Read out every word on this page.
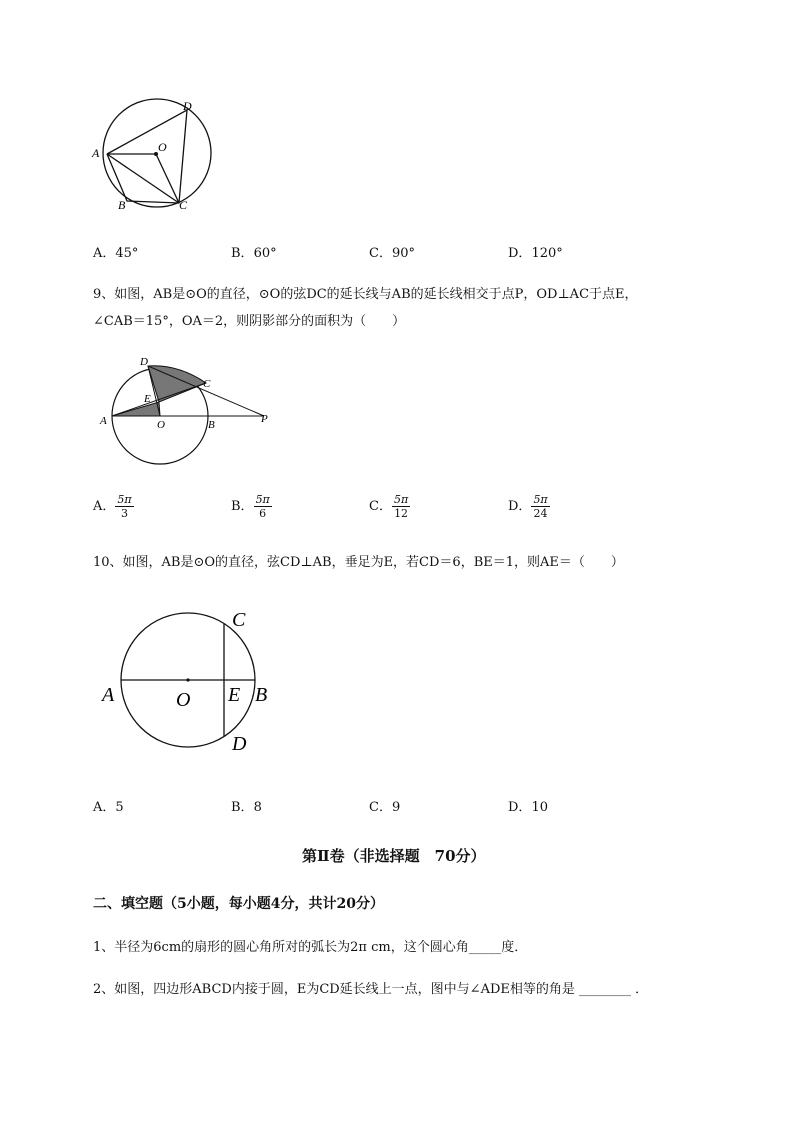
D
A	O
B	C
A．45°	B．60°	C．90°	D．120°
9、如图，AB是⊙O的直径，⊙O的弦DC的延长线与AB的延长线相交于点P，OD⊥AC于点E，
∠CAB＝15°，OA＝2，则阴影部分的面积为（　　）
D
C
E
A	O	B	P
A． $\frac{5\pi}{3}$	B． $\frac{5\pi}{6}$	C． $\frac{5\pi}{12}$	D． $\frac{5\pi}{24}$
10、如图，AB是⊙O的直径，弦CD⊥AB，垂足为E，若CD＝6，BE＝1，则AE＝（　　）
C
A	O E B
D
A．5	B．8	C．9	D．10
第Ⅱ卷（非选择题　70分）
二、填空题（5小题，每小题4分，共计20分）
1、半径为6cm的扇形的圆心角所对的弧长为2π cm，这个圆心角_____度．
2、如图，四边形ABCD内接于圆，E为CD延长线上一点，图中与∠ADE相等的角是 ________ ．
